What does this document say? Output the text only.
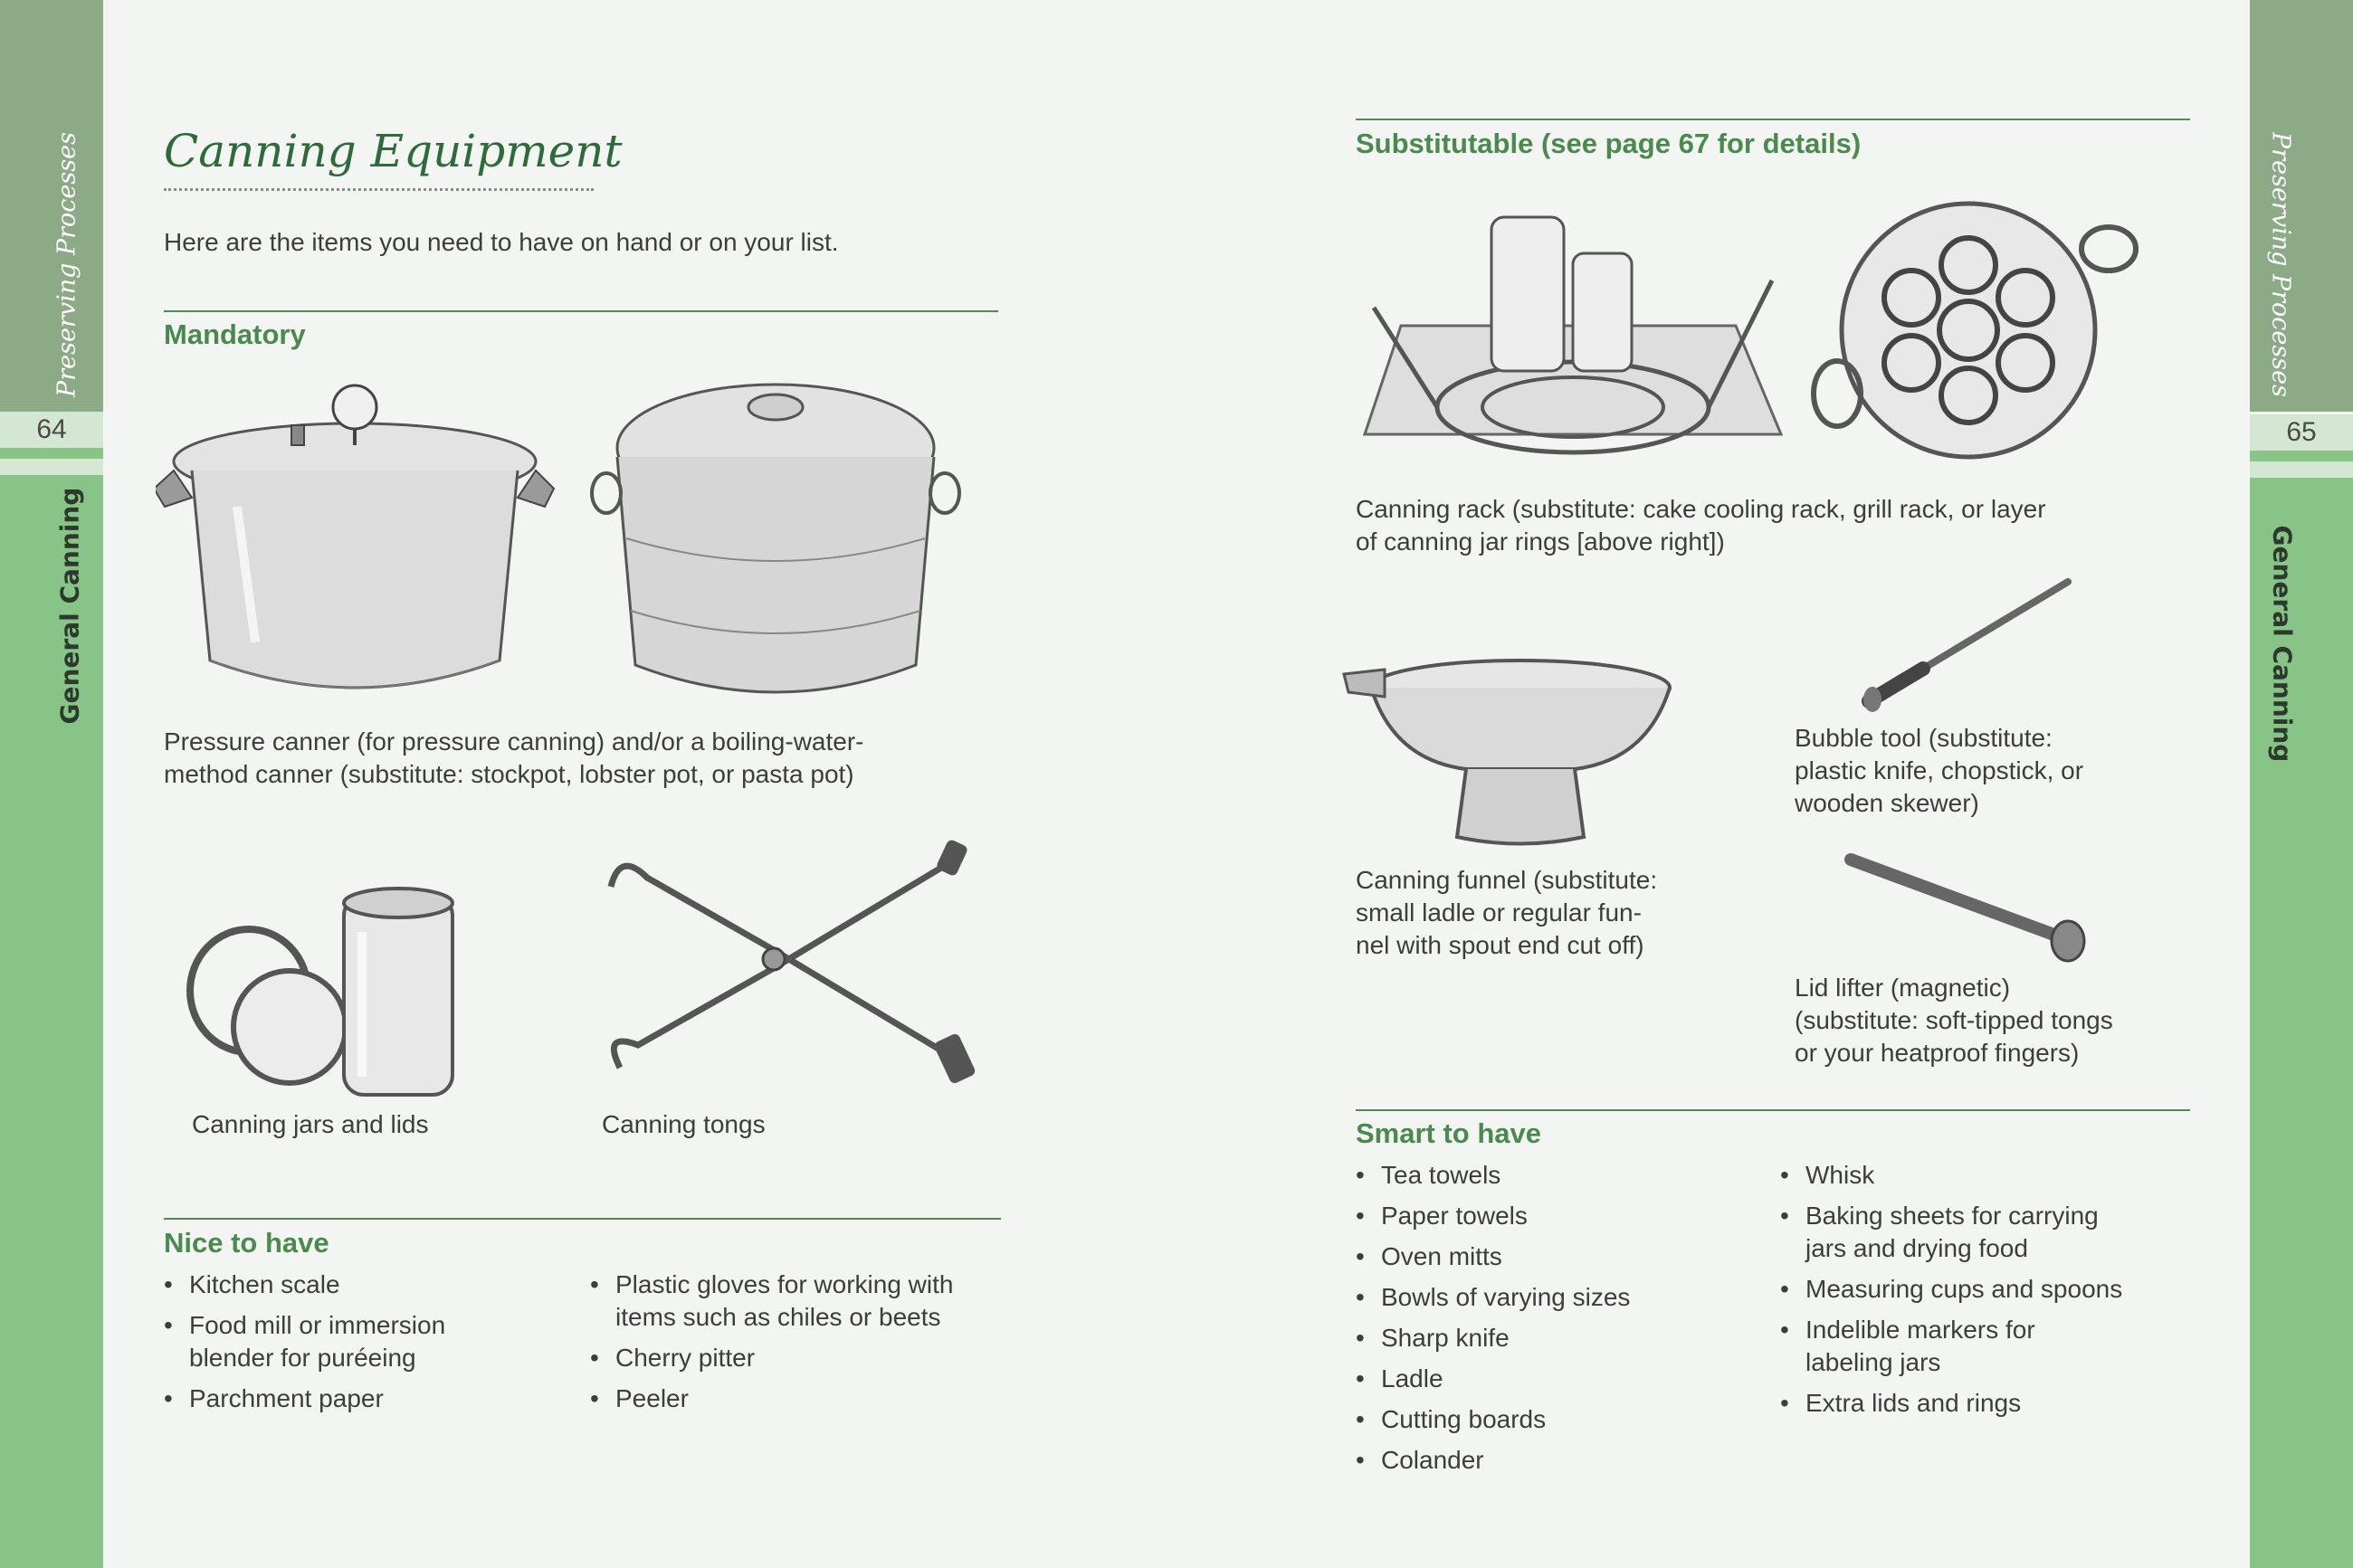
64
Preserving Processes
General Canning
65
Preserving Processes
General Canning
Canning Equipment
Here are the items you need to have on hand or on your list.
Mandatory
Pressure canner (for pressure canning) and/or a boiling-water-
method canner (substitute: stockpot, lobster pot, or pasta pot)
Canning jars and lids	Canning tongs
Nice to have
• Kitchen scale
• Food mill or immersion
blender for puréeing
• Parchment paper
• Plastic gloves for working with
items such as chiles or beets
• Cherry pitter
• Peeler
Substitutable (see page 67 for details)
Canning rack (substitute: cake cooling rack, grill rack, or layer
of canning jar rings [above right])
Canning funnel (substitute:
small ladle or regular fun-
nel with spout end cut off)
Bubble tool (substitute:
plastic knife, chopstick, or
wooden skewer)
Lid lifter (magnetic)
(substitute: soft-tipped tongs
or your heatproof fingers)
Smart to have
• Tea towels
• Paper towels
• Oven mitts
• Bowls of varying sizes
• Sharp knife
• Ladle
• Cutting boards
• Colander
• Whisk
• Baking sheets for carrying
jars and drying food
• Measuring cups and spoons
• Indelible markers for
labeling jars
• Extra lids and rings
